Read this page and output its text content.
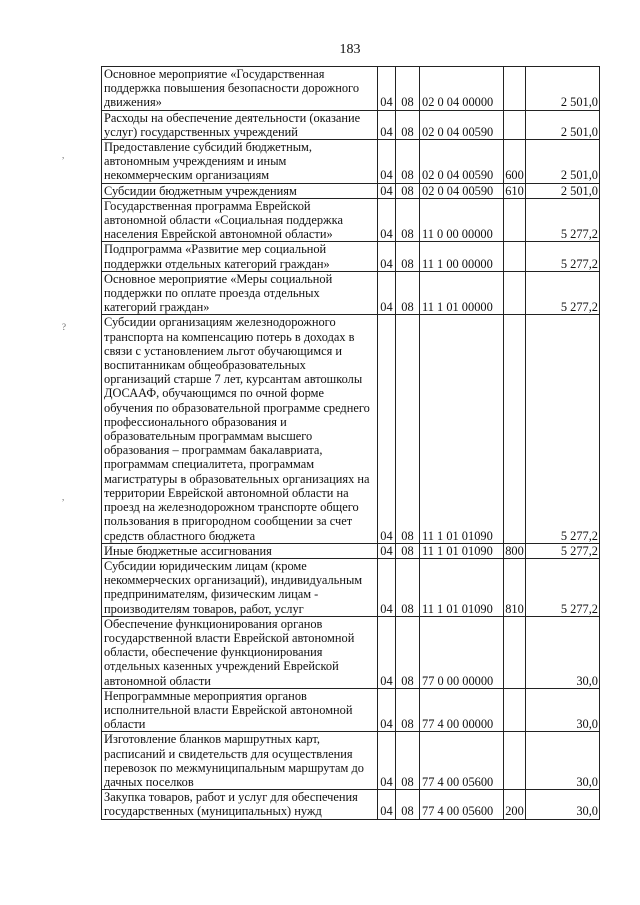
183
,
?
,
Основное мероприятие «Государственная поддержка повышения безопасности дорожного движения»	04	08	02 0 04 00000		2 501,0
Расходы на обеспечение деятельности (оказание услуг) государственных учреждений	04	08	02 0 04 00590		2 501,0
Предоставление субсидий бюджетным, автономным учреждениям и иным некоммерческим организациям	04	08	02 0 04 00590	600	2 501,0
Субсидии бюджетным учреждениям	04	08	02 0 04 00590	610	2 501,0
Государственная программа Еврейской автономной области «Социальная поддержка населения Еврейской автономной области»	04	08	11 0 00 00000		5 277,2
Подпрограмма «Развитие мер социальной поддержки отдельных категорий граждан»	04	08	11 1 00 00000		5 277,2
Основное мероприятие «Меры социальной поддержки по оплате проезда отдельных категорий граждан»	04	08	11 1 01 00000		5 277,2
Субсидии организациям железнодорожного транспорта на компенсацию потерь в доходах в связи с установлением льгот обучающимся и воспитанникам общеобразовательных организаций старше 7 лет, курсантам автошколы ДОСААФ, обучающимся по очной форме обучения по образовательной программе среднего профессионального образования и образовательным программам высшего образования – программам бакалавриата, программам специалитета, программам магистратуры в образовательных организациях на территории Еврейской автономной области на проезд на железнодорожном транспорте общего пользования в пригородном сообщении за счет средств областного бюджета	04	08	11 1 01 01090		5 277,2
Иные бюджетные ассигнования	04	08	11 1 01 01090	800	5 277,2
Субсидии юридическим лицам (кроме некоммерческих организаций), индивидуальным предпринимателям, физическим лицам - производителям товаров, работ, услуг	04	08	11 1 01 01090	810	5 277,2
Обеспечение функционирования органов государственной власти Еврейской автономной области, обеспечение функционирования отдельных казенных учреждений Еврейской автономной области	04	08	77 0 00 00000		30,0
Непрограммные мероприятия органов исполнительной власти Еврейской автономной области	04	08	77 4 00 00000		30,0
Изготовление бланков маршрутных карт, расписаний и свидетельств для осуществления перевозок по межмуниципальным маршрутам до дачных поселков	04	08	77 4 00 05600		30,0
Закупка товаров, работ и услуг для обеспечения государственных (муниципальных) нужд	04	08	77 4 00 05600	200	30,0
